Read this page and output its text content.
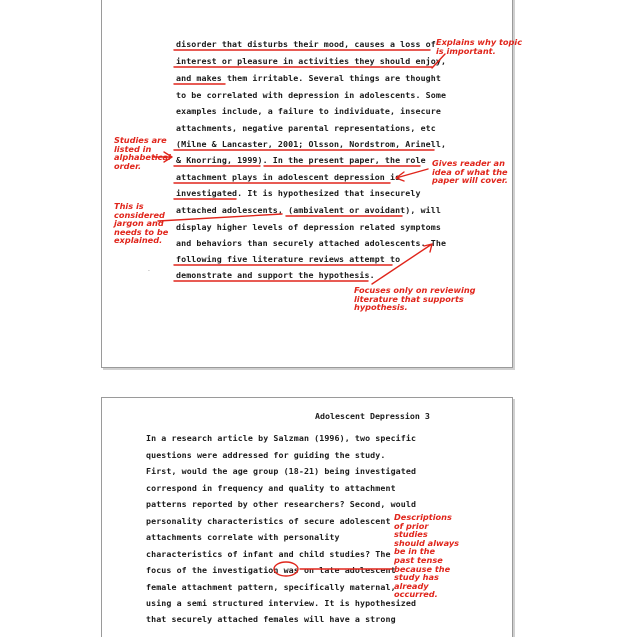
.
disorder that disturbs their mood, causes a loss of
interest or pleasure in activities they should enjoy,
and makes them irritable. Several things are thought
to be correlated with depression in adolescents. Some
examples include, a failure to individuate, insecure
attachments, negative parental representations, etc
(Milne & Lancaster, 2001; Olsson, Nordstrom, Arinell,
& Knorring, 1999). In the present paper, the role
attachment plays in adolescent depression is
investigated. It is hypothesized that insecurely
attached adolescents, (ambivalent or avoidant), will
display higher levels of depression related symptoms
and behaviors than securely attached adolescents. The
following five literature reviews attempt to
demonstrate and support the hypothesis.
Adolescent Depression 3
In a research article by Salzman (1996), two specific
questions were addressed for guiding the study.
First, would the age group (18-21) being investigated
correspond in frequency and quality to attachment
patterns reported by other researchers? Second, would
personality characteristics of secure adolescent
attachments correlate with personality
characteristics of infant and child studies? The
focus of the investigation was on late adolescent
female attachment pattern, specifically maternal,
using a semi structured interview. It is hypothesized
that securely attached females will have a strong
Explains why topic
is important.
Studies are
listed in
alphabetical
order.	Gives reader an
idea of what the
paper will cover.
This is
considered
jargon and
needs to be
explained.
Focuses only on reviewing
literature that supports
hypothesis.
Descriptions
of prior
studies
should always
be in the
past tense
because the
study has
already
occurred.
